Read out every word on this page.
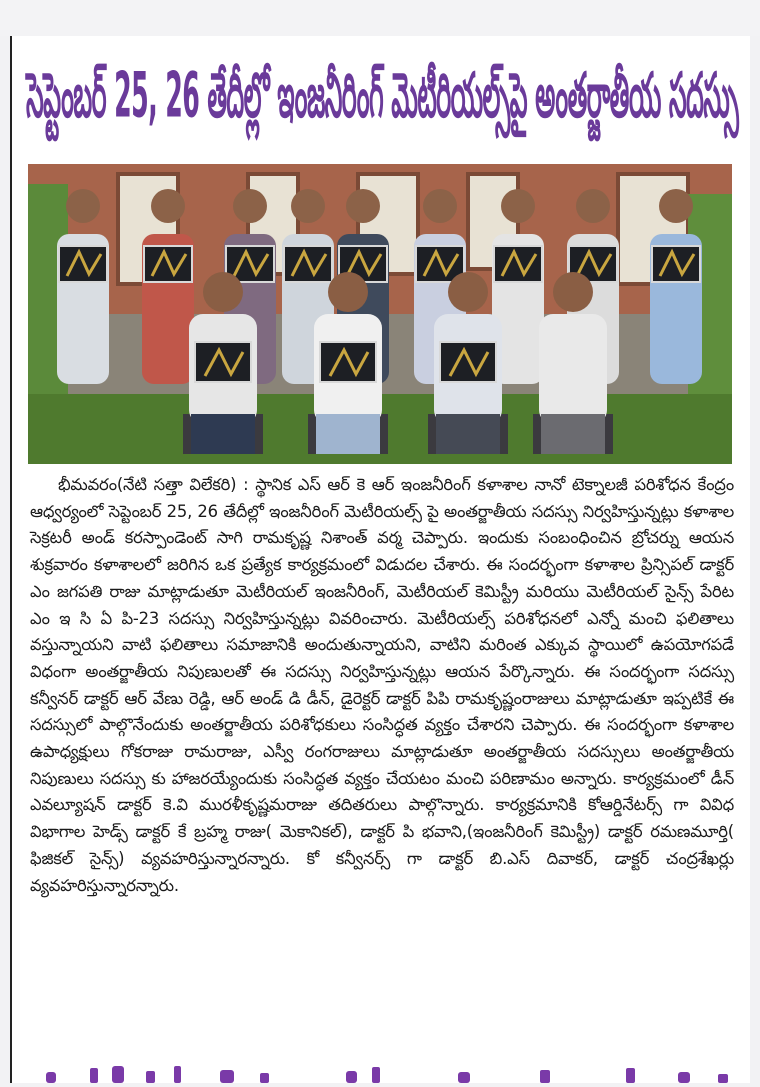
సెప్టెంబర్ 25, 26 తేదీల్లో ఇంజనీరింగ్ మెటీరియల్స్‌పై అంతర్జాతీయ సదస్సు

భీమవరం(నేటి సత్తా విలేకరి) : స్థానిక ఎస్ ఆర్ కె ఆర్ ఇంజనీరింగ్ కళాశాల నానో టెక్నాలజీ పరిశోధన కేంద్రం ఆధ్వర్యంలో సెప్టెంబర్ 25, 26 తేదీల్లో ఇంజనీరింగ్ మెటీరియల్స్ పై అంతర్జాతీయ సదస్సు నిర్వహిస్తున్నట్లు కళాశాల సెక్రటరీ అండ్ కరస్పాండెంట్ సాగి రామకృష్ణ నిశాంత్ వర్మ చెప్పారు. ఇందుకు సంబంధించిన బ్రోచర్ను ఆయన శుక్రవారం కళాశాలలో జరిగిన ఒక ప్రత్యేక కార్యక్రమంలో విడుదల చేశారు. ఈ సందర్భంగా కళాశాల ప్రిన్సిపల్ డాక్టర్ ఎం జగపతి రాజు మాట్లాడుతూ మెటీరియల్ ఇంజనీరింగ్, మెటీరియల్ కెమిస్ట్రీ మరియు మెటీరియల్ సైన్స్ పేరిట ఎం ఇ సి ఏ పి-23 సదస్సు నిర్వహిస్తున్నట్లు వివరించారు. మెటీరియల్స్ పరిశోధనలో ఎన్నో మంచి ఫలితాలు వస్తున్నాయని వాటి ఫలితాలు సమాజానికి అందుతున్నాయని, వాటిని మరింత ఎక్కువ స్థాయిలో ఉపయోగపడే విధంగా అంతర్జాతీయ నిపుణులతో ఈ సదస్సు నిర్వహిస్తున్నట్లు ఆయన పేర్కొన్నారు. ఈ సందర్భంగా సదస్సు కన్వీనర్ డాక్టర్ ఆర్ వేణు రెడ్డి, ఆర్ అండ్ డి డీన్, డైరెక్టర్ డాక్టర్ పిపి రామకృష్ణంరాజులు మాట్లాడుతూ ఇప్పటికే ఈ సదస్సులో పాల్గొనేందుకు అంతర్జాతీయ పరిశోధకులు సంసిద్ధత వ్యక్తం చేశారని చెప్పారు. ఈ సందర్భంగా కళాశాల ఉపాధ్యక్షులు గోకరాజు రామరాజు, ఎస్వీ రంగరాజులు మాట్లాడుతూ అంతర్జాతీయ సదస్సులు అంతర్జాతీయ నిపుణులు సదస్సు కు హాజరయ్యేందుకు సంసిద్ధత వ్యక్తం చేయటం మంచి పరిణామం అన్నారు. కార్యక్రమంలో డీన్ ఎవల్యూషన్ డాక్టర్ కె.వి మురళీకృష్ణమరాజు తదితరులు పాల్గొన్నారు. కార్యక్రమానికి కోఆర్డినేటర్స్ గా వివిధ విభాగాల హెడ్స్ డాక్టర్ కే బ్రహ్మ రాజు( మెకానికల్), డాక్టర్ పి భవాని,(ఇంజనీరింగ్ కెమిస్ట్రీ) డాక్టర్ రమణమూర్తి( ఫిజికల్ సైన్స్) వ్యవహరిస్తున్నారన్నారు. కో కన్వీనర్స్ గా డాక్టర్ బి.ఎస్ దివాకర్, డాక్టర్ చంద్రశేఖర్లు వ్యవహరిస్తున్నారన్నారు.
